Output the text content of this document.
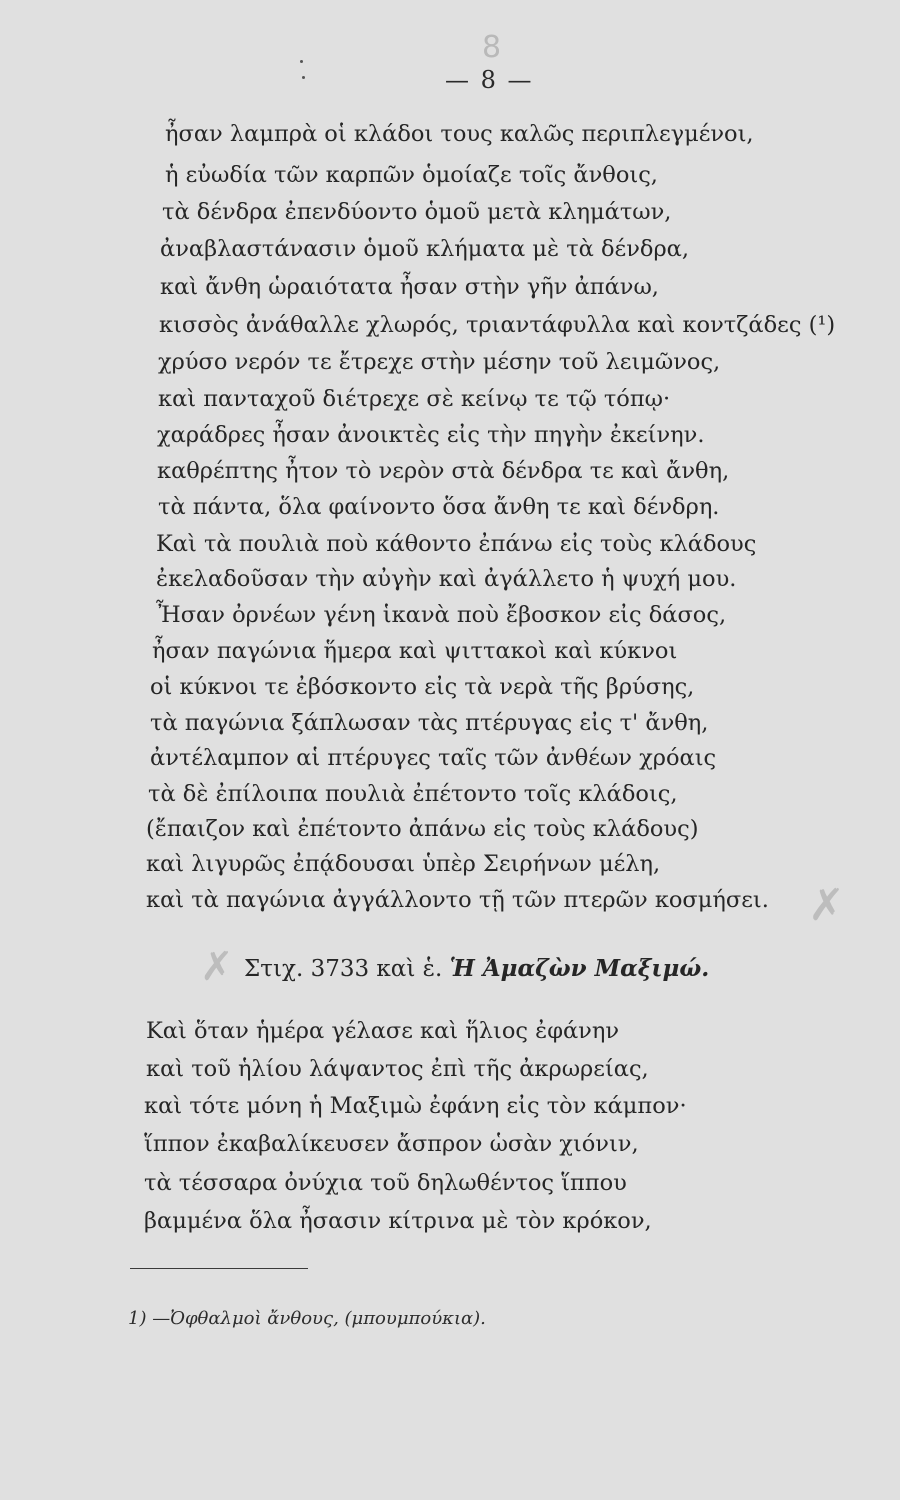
8
— 8 —
ἦσαν λαμπρὰ οἱ κλάδοι τους καλῶς περιπλεγμένοι,
ἡ εὐωδία τῶν καρπῶν ὁμοίαζε τοῖς ἄνθοις,
τὰ δένδρα ἐπενδύοντο ὁμοῦ μετὰ κλημάτων,
ἀναβλαστάνασιν ὁμοῦ κλήματα μὲ τὰ δένδρα,
καὶ ἄνθη ὡραιότατα ἦσαν στὴν γῆν ἀπάνω,
κισσὸς ἀνάθαλλε χλωρός, τριαντάφυλλα καὶ κοντζάδες (¹)
χρύσο νερόν τε ἔτρεχε στὴν μέσην τοῦ λειμῶνος,
καὶ πανταχοῦ διέτρεχε σὲ κείνῳ τε τῷ τόπῳ·
χαράδρες ἦσαν ἀνοικτὲς εἰς τὴν πηγὴν ἐκείνην.
καθρέπτης ἦτον τὸ νερὸν στὰ δένδρα τε καὶ ἄνθη,
τὰ πάντα, ὅλα φαίνοντο ὅσα ἄνθη τε καὶ δένδρη.
Καὶ τὰ πουλιὰ ποὺ κάθοντο ἐπάνω εἰς τοὺς κλάδους
ἐκελαδοῦσαν τὴν αὐγὴν καὶ ἀγάλλετο ἡ ψυχή μου.
Ἦσαν ὀρνέων γένη ἱκανὰ ποὺ ἔβοσκον εἰς δάσος,
ἦσαν παγώνια ἥμερα καὶ ψιττακοὶ καὶ κύκνοι
οἱ κύκνοι τε ἐβόσκοντο εἰς τὰ νερὰ τῆς βρύσης,
τὰ παγώνια ξάπλωσαν τὰς πτέρυγας εἰς τ' ἄνθη,
ἀντέλαμπον αἱ πτέρυγες ταῖς τῶν ἀνθέων χρόαις
τὰ δὲ ἐπίλοιπα πουλιὰ ἐπέτοντο τοῖς κλάδοις,
(ἔπαιζον καὶ ἐπέτοντο ἀπάνω εἰς τοὺς κλάδους)
καὶ λιγυρῶς ἐπᾴδουσαι ὑπὲρ Σειρήνων μέλη,
καὶ τὰ παγώνια ἀγγάλλοντο τῇ τῶν πτερῶν κοσμήσει. ✗
✗ Στιχ. 3733 καὶ ἑ. Ἡ Ἀμαζὼν Μαξιμώ.
Καὶ ὅταν ἡμέρα γέλασε καὶ ἥλιος ἐφάνην
καὶ τοῦ ἡλίου λάψαντος ἐπὶ τῆς ἀκρωρείας,
καὶ τότε μόνη ἡ Μαξιμὼ ἐφάνη εἰς τὸν κάμπον·
ἵππον ἐκαβαλίκευσεν ἄσπρον ὡσὰν χιόνιν,
τὰ τέσσαρα ὀνύχια τοῦ δηλωθέντος ἵππου
βαμμένα ὅλα ἦσασιν κίτρινα μὲ τὸν κρόκον,
1) —Ὀφθαλμοὶ ἄνθους, (μπουμπούκια).
